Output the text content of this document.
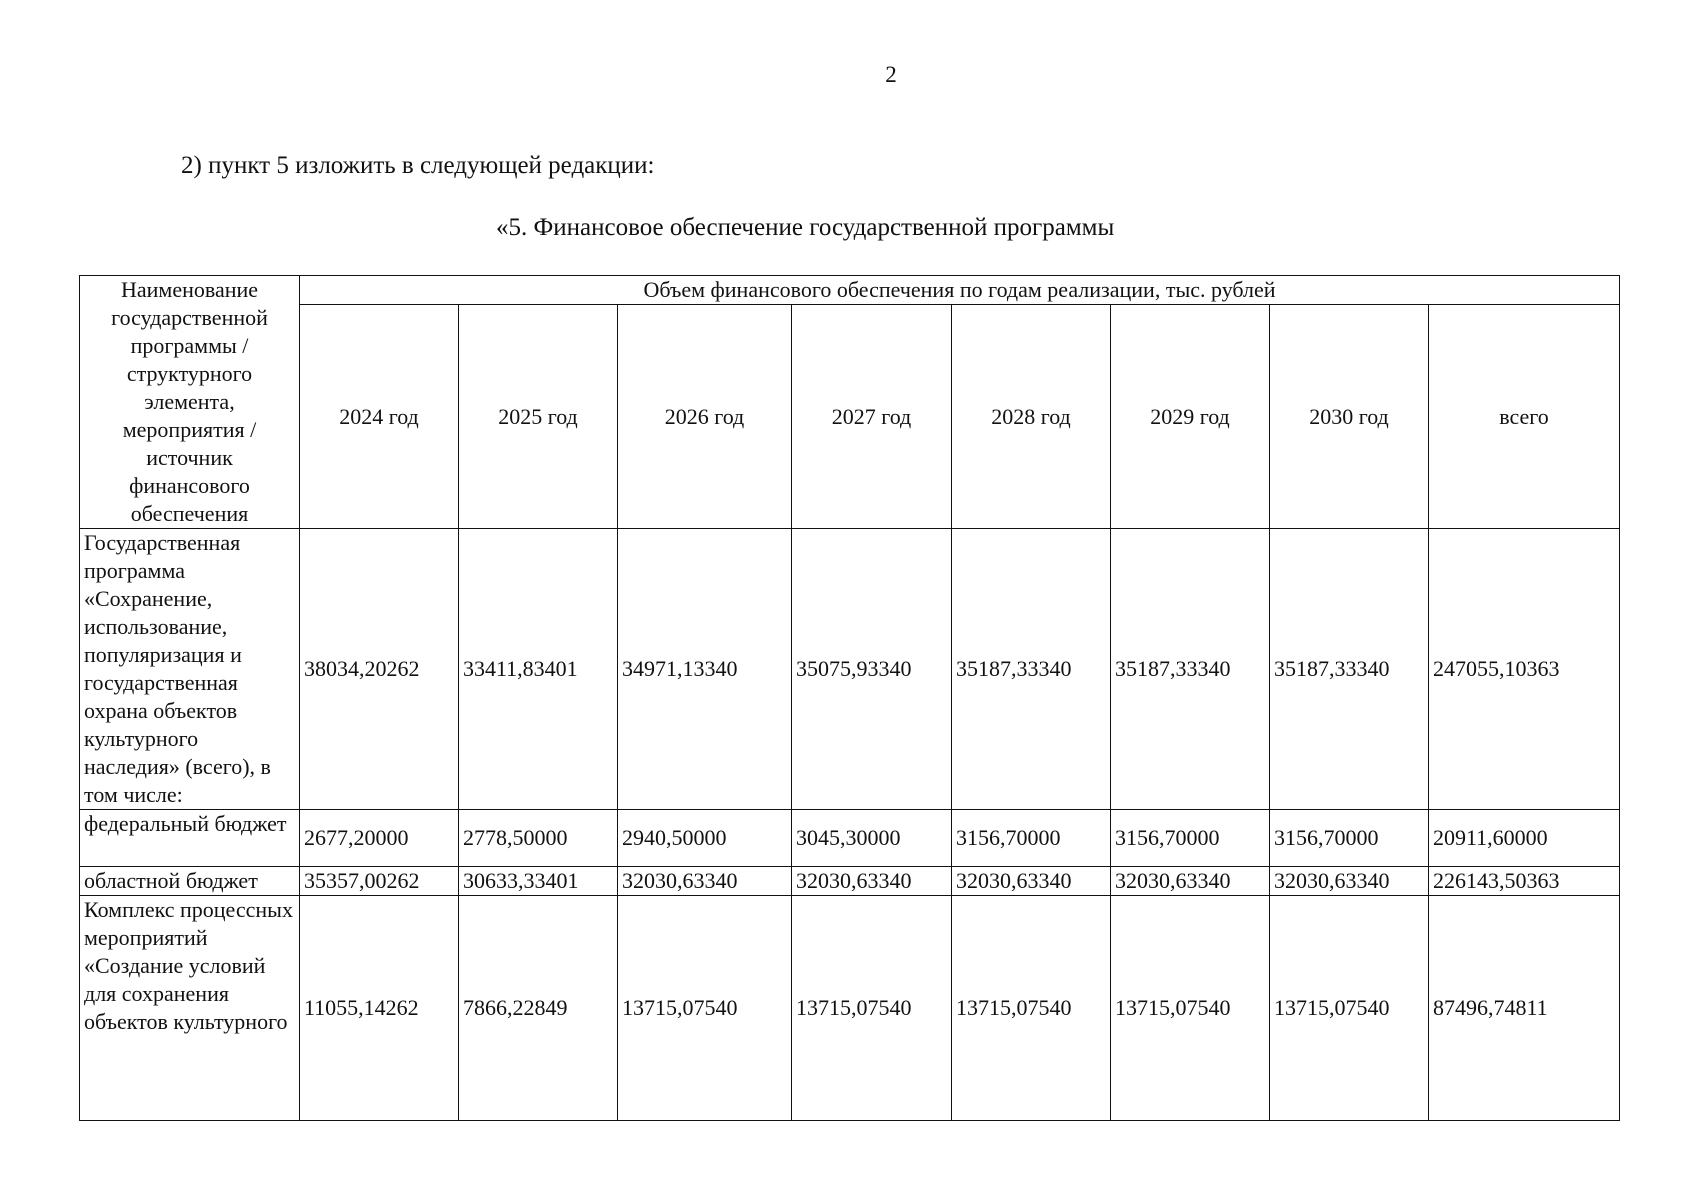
2
2) пункт 5 изложить в следующей редакции:
«5. Финансовое обеспечение государственной программы
Наименование государственной программы / структурного элемента, мероприятия / источник финансового обеспечения	Объем финансового обеспечения по годам реализации, тыс. рублей							
	2024 год	2025 год	2026 год	2027 год	2028 год	2029 год	2030 год	всего
Государственная программа «Сохранение, использование, популяризация и государственная охрана объектов культурного наследия» (всего), в том числе:	38034,20262	33411,83401	34971,13340	35075,93340	35187,33340	35187,33340	35187,33340	247055,10363
федеральный бюджет	2677,20000	2778,50000	2940,50000	3045,30000	3156,70000	3156,70000	3156,70000	20911,60000
областной бюджет	35357,00262	30633,33401	32030,63340	32030,63340	32030,63340	32030,63340	32030,63340	226143,50363
Комплекс процессных мероприятий «Создание условий для сохранения объектов культурного	11055,14262	7866,22849	13715,07540	13715,07540	13715,07540	13715,07540	13715,07540	87496,74811
